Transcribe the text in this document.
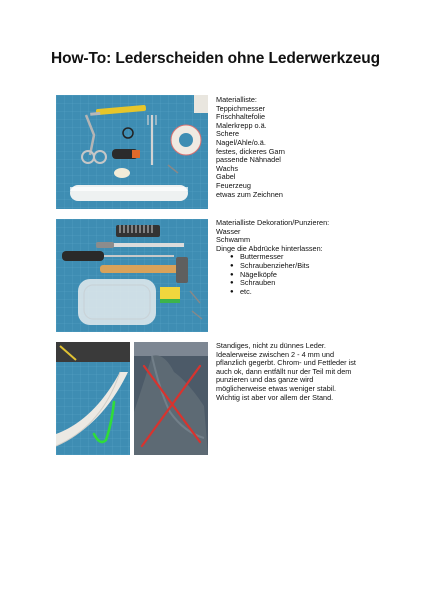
How-To: Lederscheiden ohne Lederwerkzeug
Materialliste:
Teppichmesser
Frischhaltefolie
Malerkrepp o.ä.
Schere
Nagel/Ahle/o.ä.
festes, dickeres Garn
passende Nähnadel
Wachs
Gabel
Feuerzeug
etwas zum Zeichnen
Materialliste Dekoration/Punzieren:
Wasser
Schwamm
Dinge die Abdrücke hinterlassen:
● Buttermesser
● Schraubenzieher/Bits
● Nägelköpfe
● Schrauben
● etc.
Standiges, nicht zu dünnes Leder.
Idealerweise zwischen 2 - 4 mm und
pflanzlich gegerbt. Chrom- und Fettleder ist
auch ok, dann entfällt nur der Teil mit dem
punzieren und das ganze wird
möglicherweise etwas weniger stabil.
Wichtig ist aber vor allem der Stand.
